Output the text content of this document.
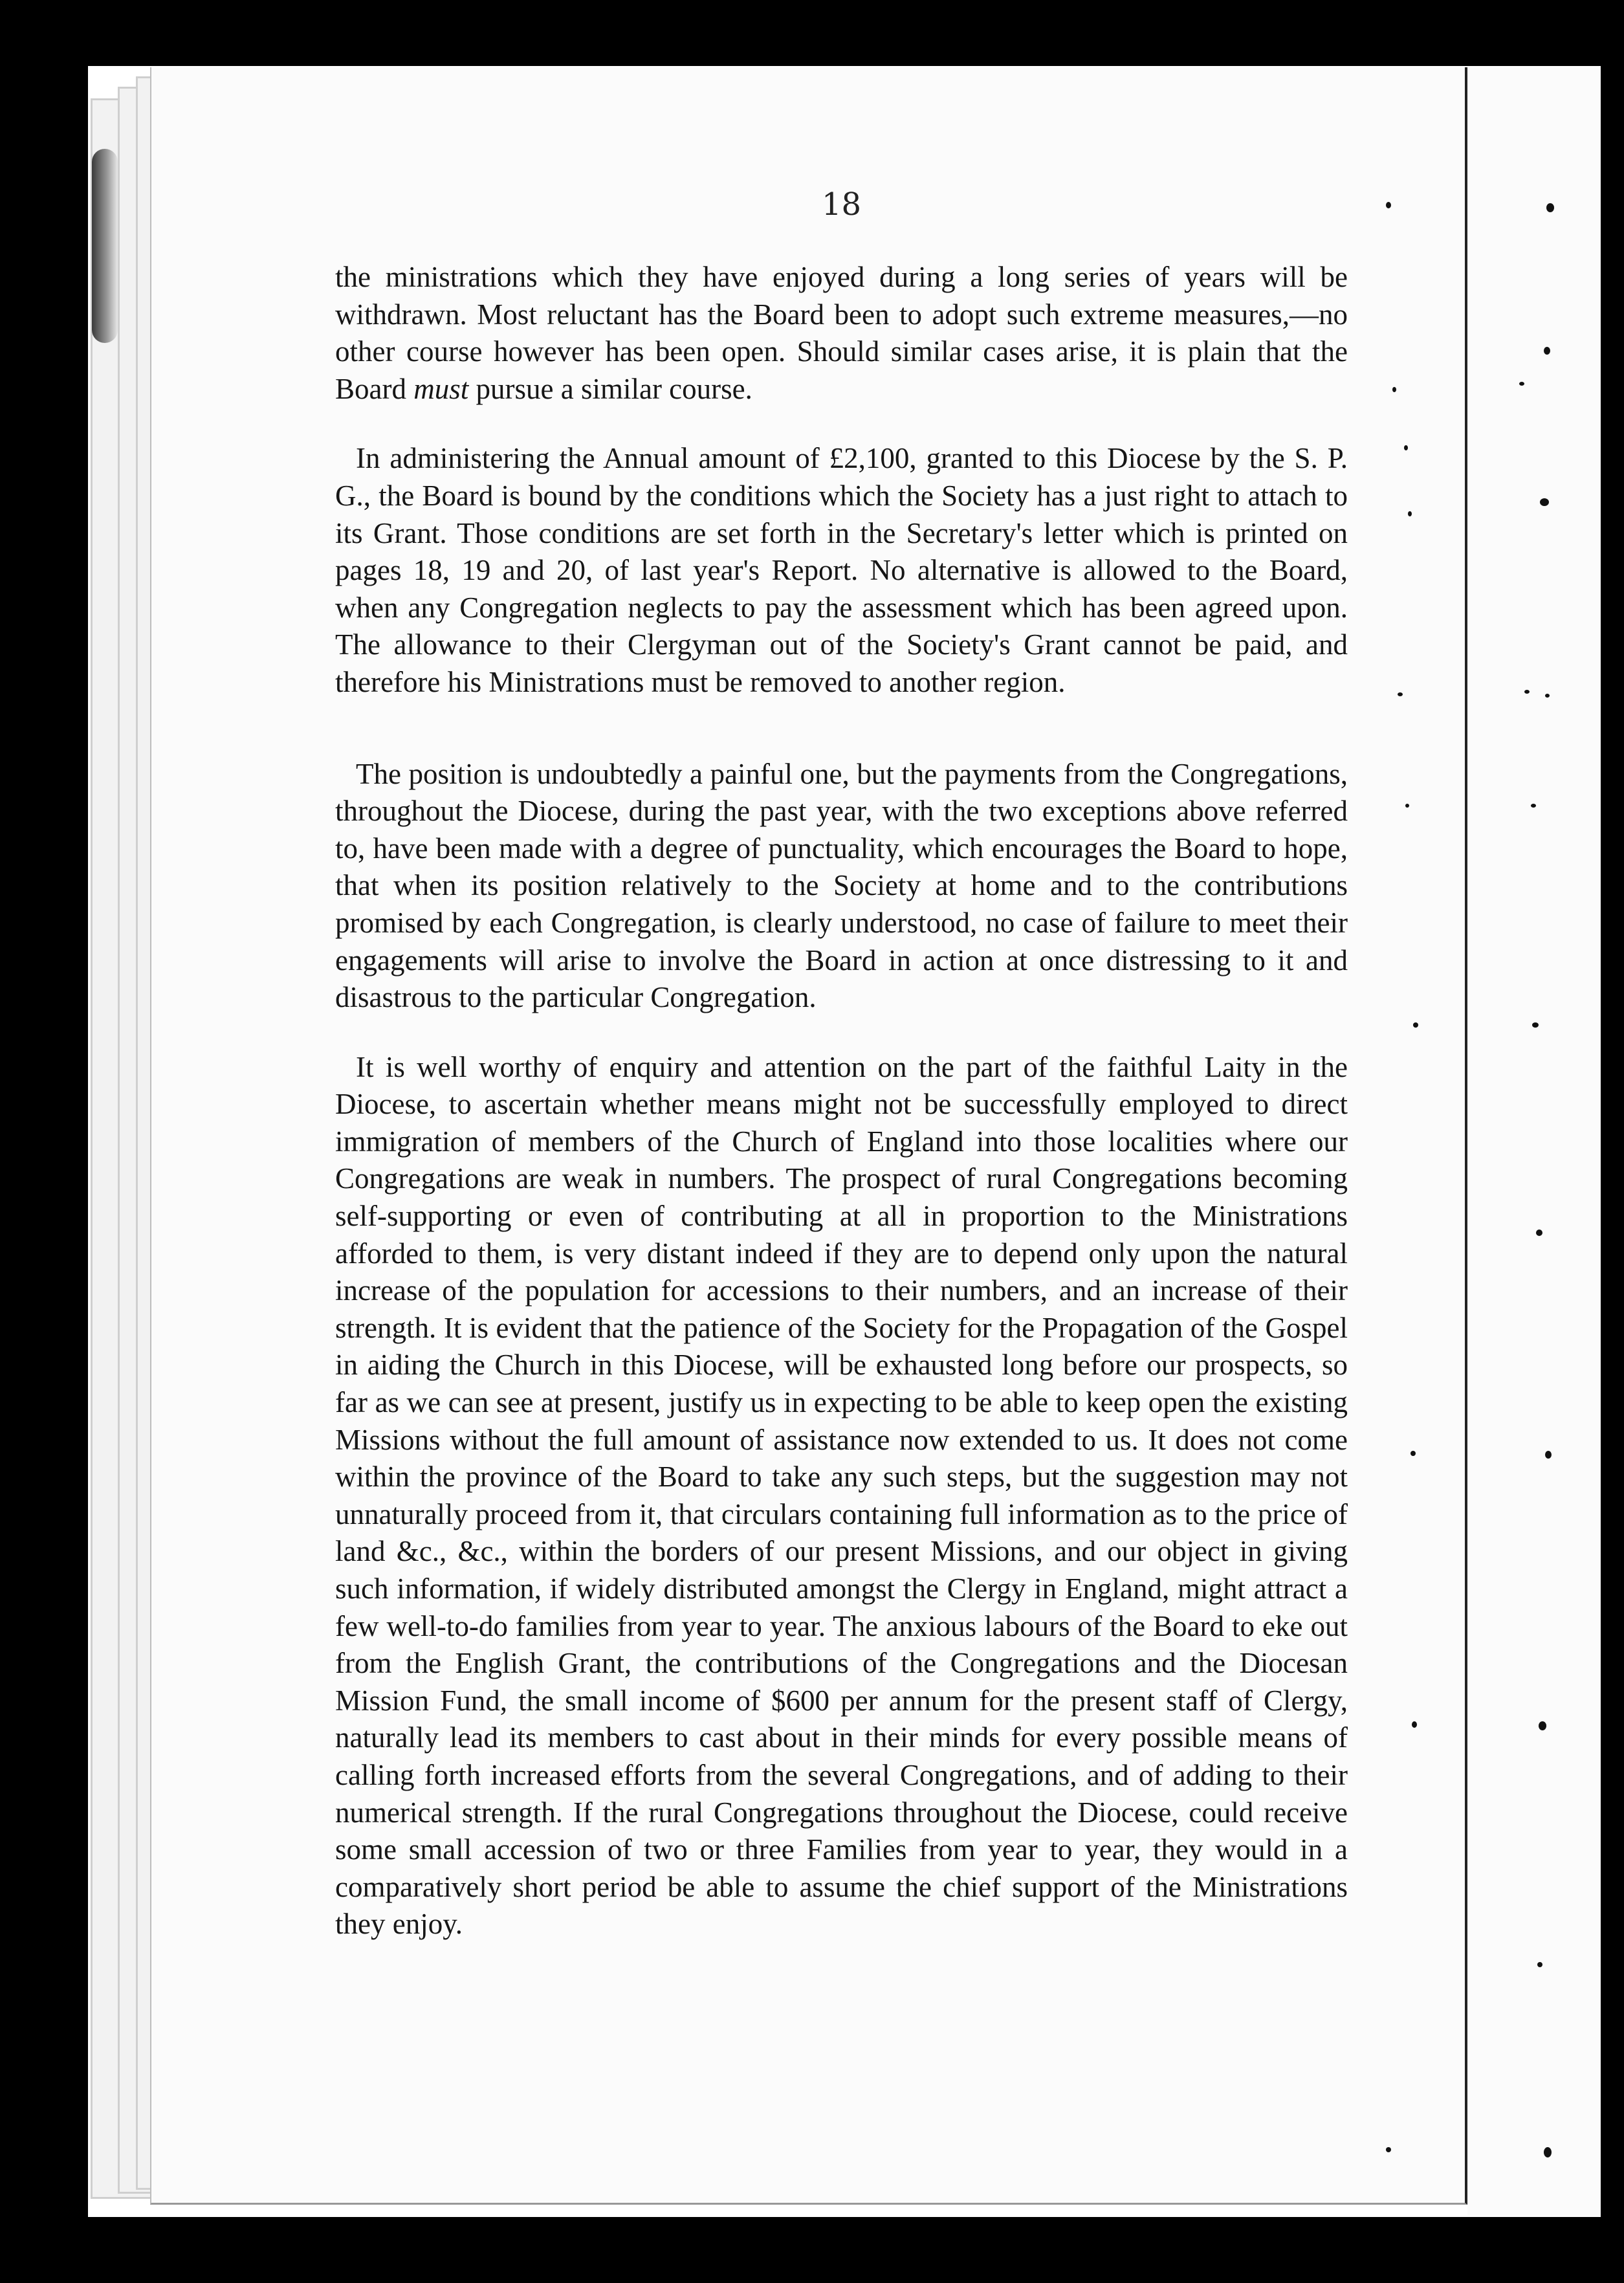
18

the ministrations which they have enjoyed during a long series of years will be withdrawn. Most reluctant has the Board been to adopt such extreme measures,—no other course however has been open. Should similar cases arise, it is plain that the Board must pursue a similar course.

In administering the Annual amount of £2,100, granted to this Diocese by the S. P. G., the Board is bound by the conditions which the Society has a just right to attach to its Grant. Those conditions are set forth in the Secretary's letter which is printed on pages 18, 19 and 20, of last year's Report. No alternative is allowed to the Board, when any Congregation neglects to pay the assessment which has been agreed upon. The allowance to their Clergyman out of the Society's Grant cannot be paid, and therefore his Ministrations must be removed to another region.

The position is undoubtedly a painful one, but the payments from the Congregations, throughout the Diocese, during the past year, with the two exceptions above referred to, have been made with a degree of punctuality, which encourages the Board to hope, that when its position relatively to the Society at home and to the contributions promised by each Congregation, is clearly understood, no case of failure to meet their engagements will arise to involve the Board in action at once distressing to it and disastrous to the particular Congregation.

It is well worthy of enquiry and attention on the part of the faithful Laity in the Diocese, to ascertain whether means might not be successfully employed to direct immigration of members of the Church of England into those localities where our Congregations are weak in numbers. The prospect of rural Congregations becoming self-supporting or even of contributing at all in proportion to the Ministrations afforded to them, is very distant indeed if they are to depend only upon the natural increase of the population for accessions to their numbers, and an increase of their strength. It is evident that the patience of the Society for the Propagation of the Gospel in aiding the Church in this Diocese, will be exhausted long before our prospects, so far as we can see at present, justify us in expecting to be able to keep open the existing Missions without the full amount of assistance now extended to us. It does not come within the province of the Board to take any such steps, but the suggestion may not unnaturally proceed from it, that circulars containing full information as to the price of land &c., &c., within the borders of our present Missions, and our object in giving such information, if widely distributed amongst the Clergy in England, might attract a few well-to-do families from year to year. The anxious labours of the Board to eke out from the English Grant, the contributions of the Congregations and the Diocesan Mission Fund, the small income of $600 per annum for the present staff of Clergy, naturally lead its members to cast about in their minds for every possible means of calling forth increased efforts from the several Congregations, and of adding to their numerical strength. If the rural Congregations throughout the Diocese, could receive some small accession of two or three Families from year to year, they would in a comparatively short period be able to assume the chief support of the Ministrations they enjoy.
